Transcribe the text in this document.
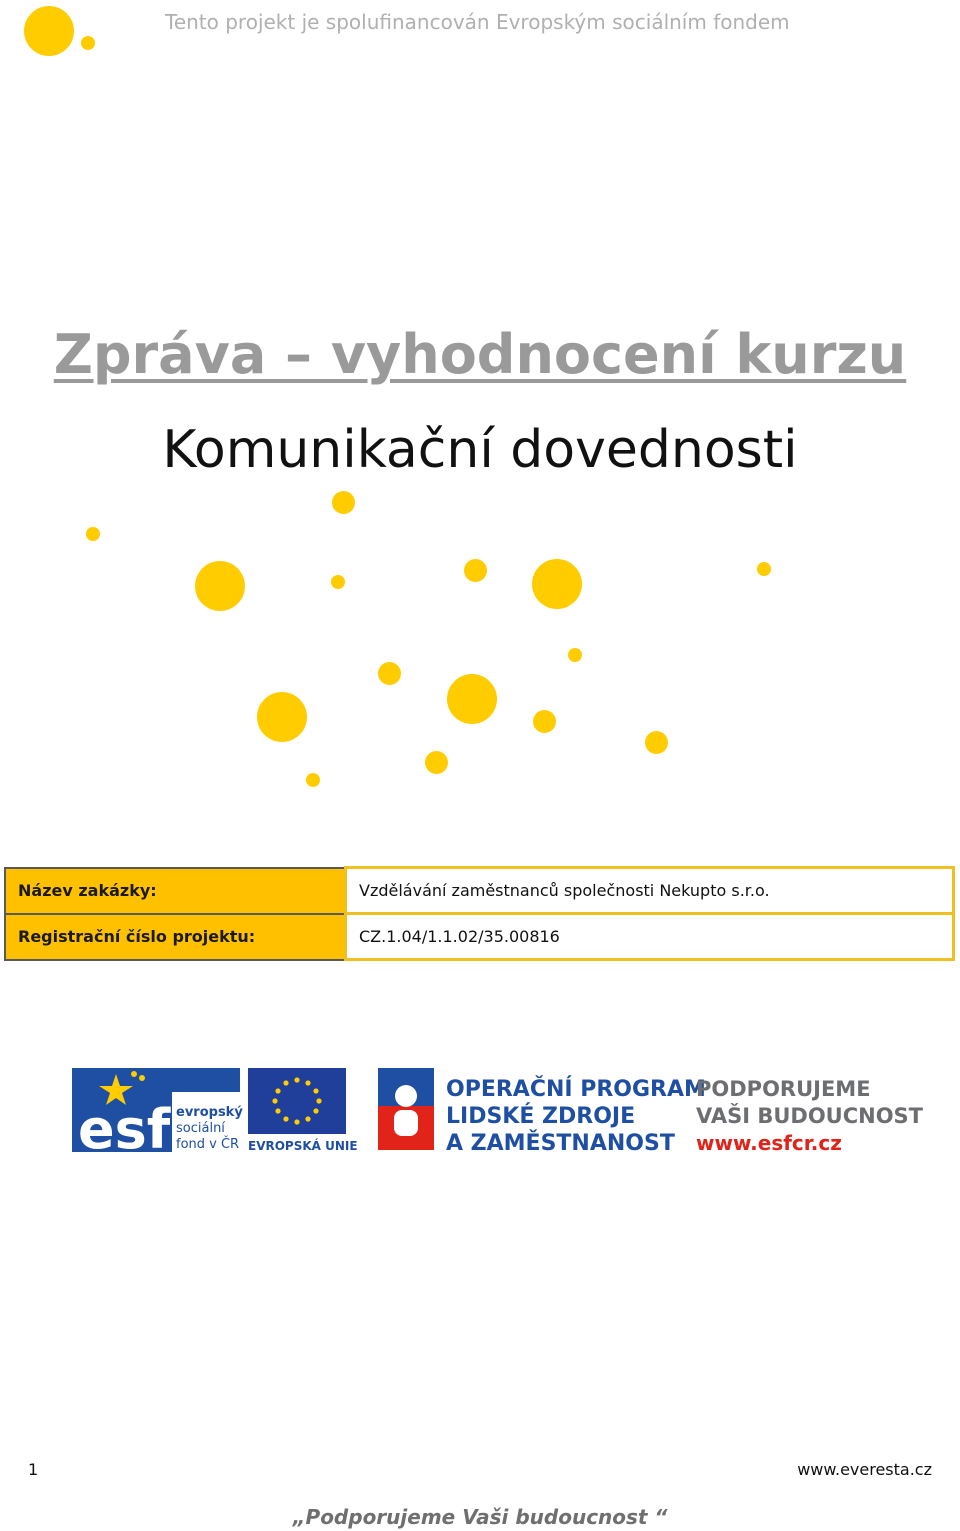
Tento projekt je spolufinancován Evropským sociálním fondem
Zpráva – vyhodnocení kurzu
Komunikační dovednosti
Název zakázky:	Vzdělávání zaměstnanců společnosti Nekupto s.r.o.
Registrační číslo projektu:	CZ.1.04/1.1.02/35.00816
esf evropský
sociální
fond v ČR EVROPSKÁ UNIE
OPERAČNÍ PROGRAM
LIDSKÉ ZDROJE
A ZAMĚSTNANOST
PODPORUJEME
VAŠI BUDOUCNOST
www.esfcr.cz
1	www.everesta.cz
„Podporujeme Vaši budoucnost “
